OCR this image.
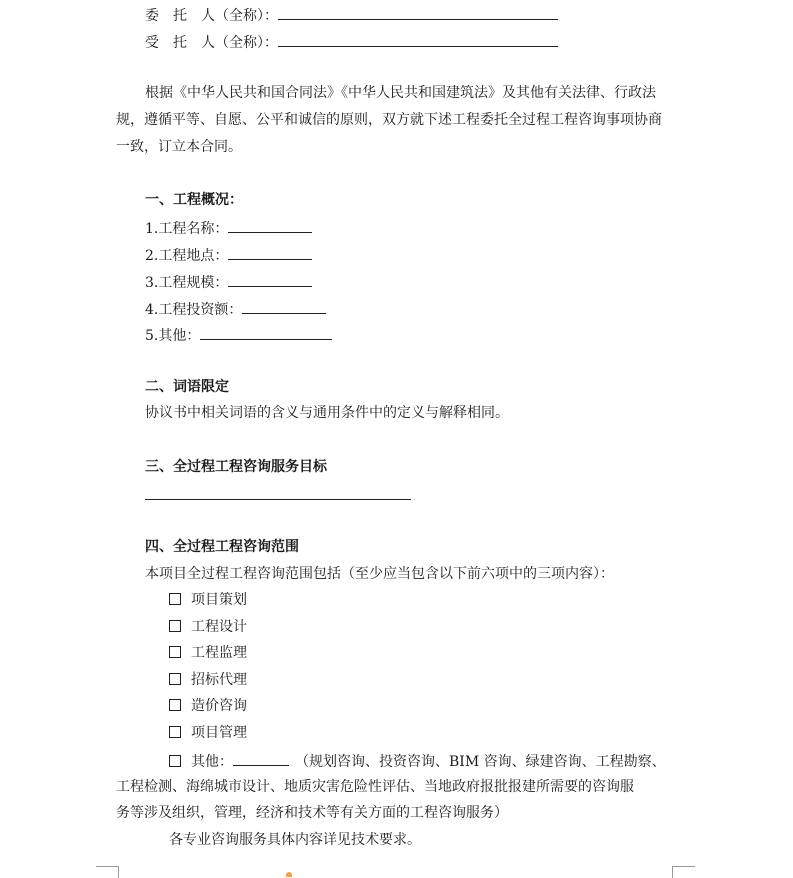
委　托　人（全称）：
受　托　人（全称）：
根据《中华人民共和国合同法》《中华人民共和国建筑法》及其他有关法律、行政法
规，遵循平等、自愿、公平和诚信的原则，双方就下述工程委托全过程工程咨询事项协商
一致，订立本合同。
一、工程概况：
1.工程名称：
2.工程地点：
3.工程规模：
4.工程投资额：
5.其他：
二、词语限定
协议书中相关词语的含义与通用条件中的定义与解释相同。
三、全过程工程咨询服务目标
四、全过程工程咨询范围
本项目全过程工程咨询范围包括（至少应当包含以下前六项中的三项内容）：
项目策划
工程设计
工程监理
招标代理
造价咨询
项目管理
其他：	（规划咨询、投资咨询、BIM 咨询、绿建咨询、工程勘察、
工程检测、海绵城市设计、地质灾害危险性评估、当地政府报批报建所需要的咨询服
务等涉及组织，管理，经济和技术等有关方面的工程咨询服务）
各专业咨询服务具体内容详见技术要求。
